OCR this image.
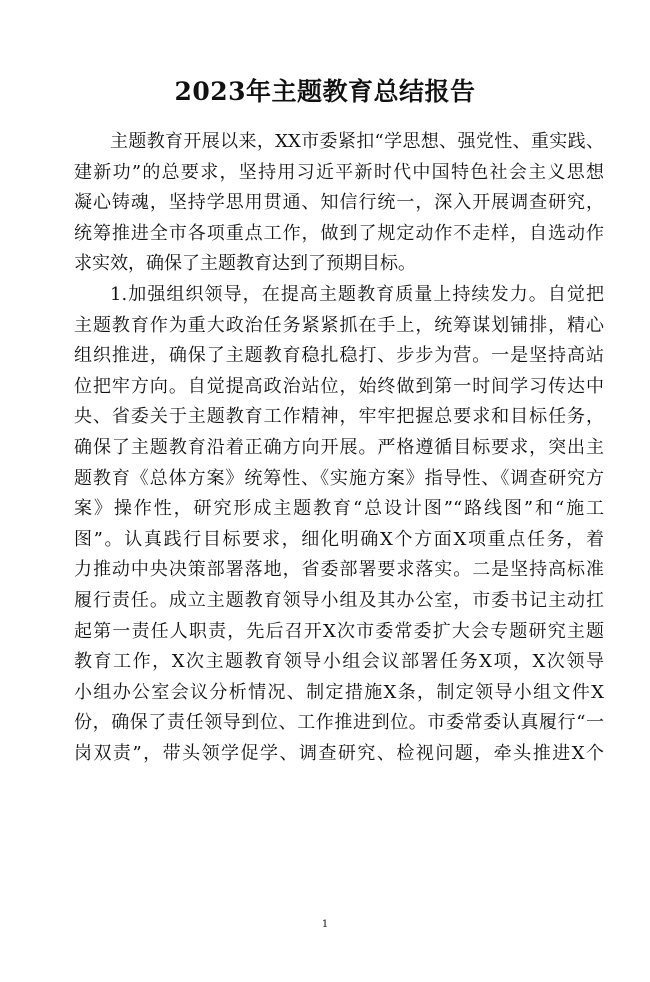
2023年主题教育总结报告
主题教育开展以来，XX市委紧扣“学思想、强党性、重实践、
建新功”的总要求，坚持用习近平新时代中国特色社会主义思想
凝心铸魂，坚持学思用贯通、知信行统一，深入开展调查研究，
统筹推进全市各项重点工作，做到了规定动作不走样，自选动作
求实效，确保了主题教育达到了预期目标。
1.加强组织领导，在提高主题教育质量上持续发力。自觉把
主题教育作为重大政治任务紧紧抓在手上，统筹谋划铺排，精心
组织推进，确保了主题教育稳扎稳打、步步为营。一是坚持高站
位把牢方向。自觉提高政治站位，始终做到第一时间学习传达中
央、省委关于主题教育工作精神，牢牢把握总要求和目标任务，
确保了主题教育沿着正确方向开展。严格遵循目标要求，突出主
题教育《总体方案》统筹性、《实施方案》指导性、《调查研究方
案》操作性，研究形成主题教育“总设计图”“路线图”和“施工
图”。认真践行目标要求，细化明确X个方面X项重点任务，着
力推动中央决策部署落地，省委部署要求落实。二是坚持高标准
履行责任。成立主题教育领导小组及其办公室，市委书记主动扛
起第一责任人职责，先后召开X次市委常委扩大会专题研究主题
教育工作，X次主题教育领导小组会议部署任务X项，X次领导
小组办公室会议分析情况、制定措施X条，制定领导小组文件X
份，确保了责任领导到位、工作推进到位。市委常委认真履行“一
岗双责”，带头领学促学、调查研究、检视问题，牵头推进X个
1
